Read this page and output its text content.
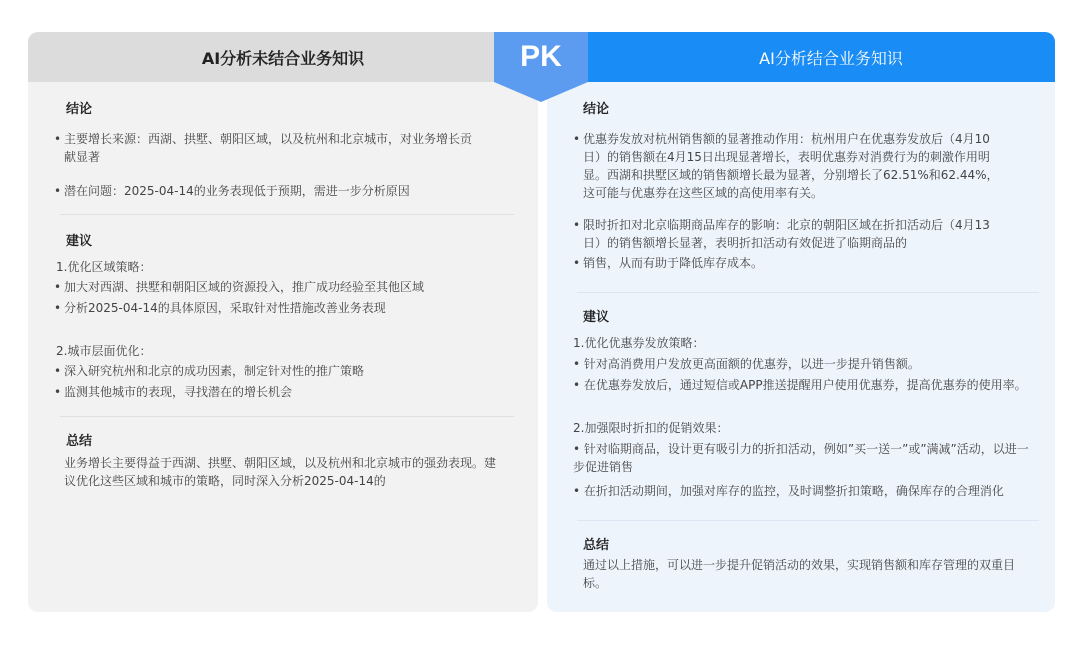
AI分析未结合业务知识
结论
• 主要增长来源：西湖、拱墅、朝阳区域，以及杭州和北京城市，对业务增长贡
献显著
• 潜在问题：2025-04-14的业务表现低于预期，需进一步分析原因
建议
1.优化区域策略：
• 加大对西湖、拱墅和朝阳区域的资源投入，推广成功经验至其他区域
• 分析2025-04-14的具体原因，采取针对性措施改善业务表现
2.城市层面优化：
• 深入研究杭州和北京的成功因素，制定针对性的推广策略
• 监测其他城市的表现，寻找潜在的增长机会
总结
业务增长主要得益于西湖、拱墅、朝阳区域，以及杭州和北京城市的强劲表现。建
议优化这些区域和城市的策略，同时深入分析2025-04-14的
AI分析结合业务知识
结论
• 优惠券发放对杭州销售额的显著推动作用：杭州用户在优惠券发放后（4月10
日）的销售额在4月15日出现显著增长，表明优惠券对消费行为的刺激作用明
显。西湖和拱墅区域的销售额增长最为显著，分别增长了62.51%和62.44%，
这可能与优惠券在这些区域的高使用率有关。
• 限时折扣对北京临期商品库存的影响：北京的朝阳区域在折扣活动后（4月13
日）的销售额增长显著，表明折扣活动有效促进了临期商品的
• 销售，从而有助于降低库存成本。
建议
1.优化优惠券发放策略：
• 针对高消费用户发放更高面额的优惠券，以进一步提升销售额。
• 在优惠券发放后，通过短信或APP推送提醒用户使用优惠券，提高优惠券的使用率。
2.加强限时折扣的促销效果：
• 针对临期商品，设计更有吸引力的折扣活动，例如”买一送一”或”满减”活动，以进一
步促进销售
• 在折扣活动期间，加强对库存的监控，及时调整折扣策略，确保库存的合理消化
总结
通过以上措施，可以进一步提升促销活动的效果，实现销售额和库存管理的双重目
标。
PK
